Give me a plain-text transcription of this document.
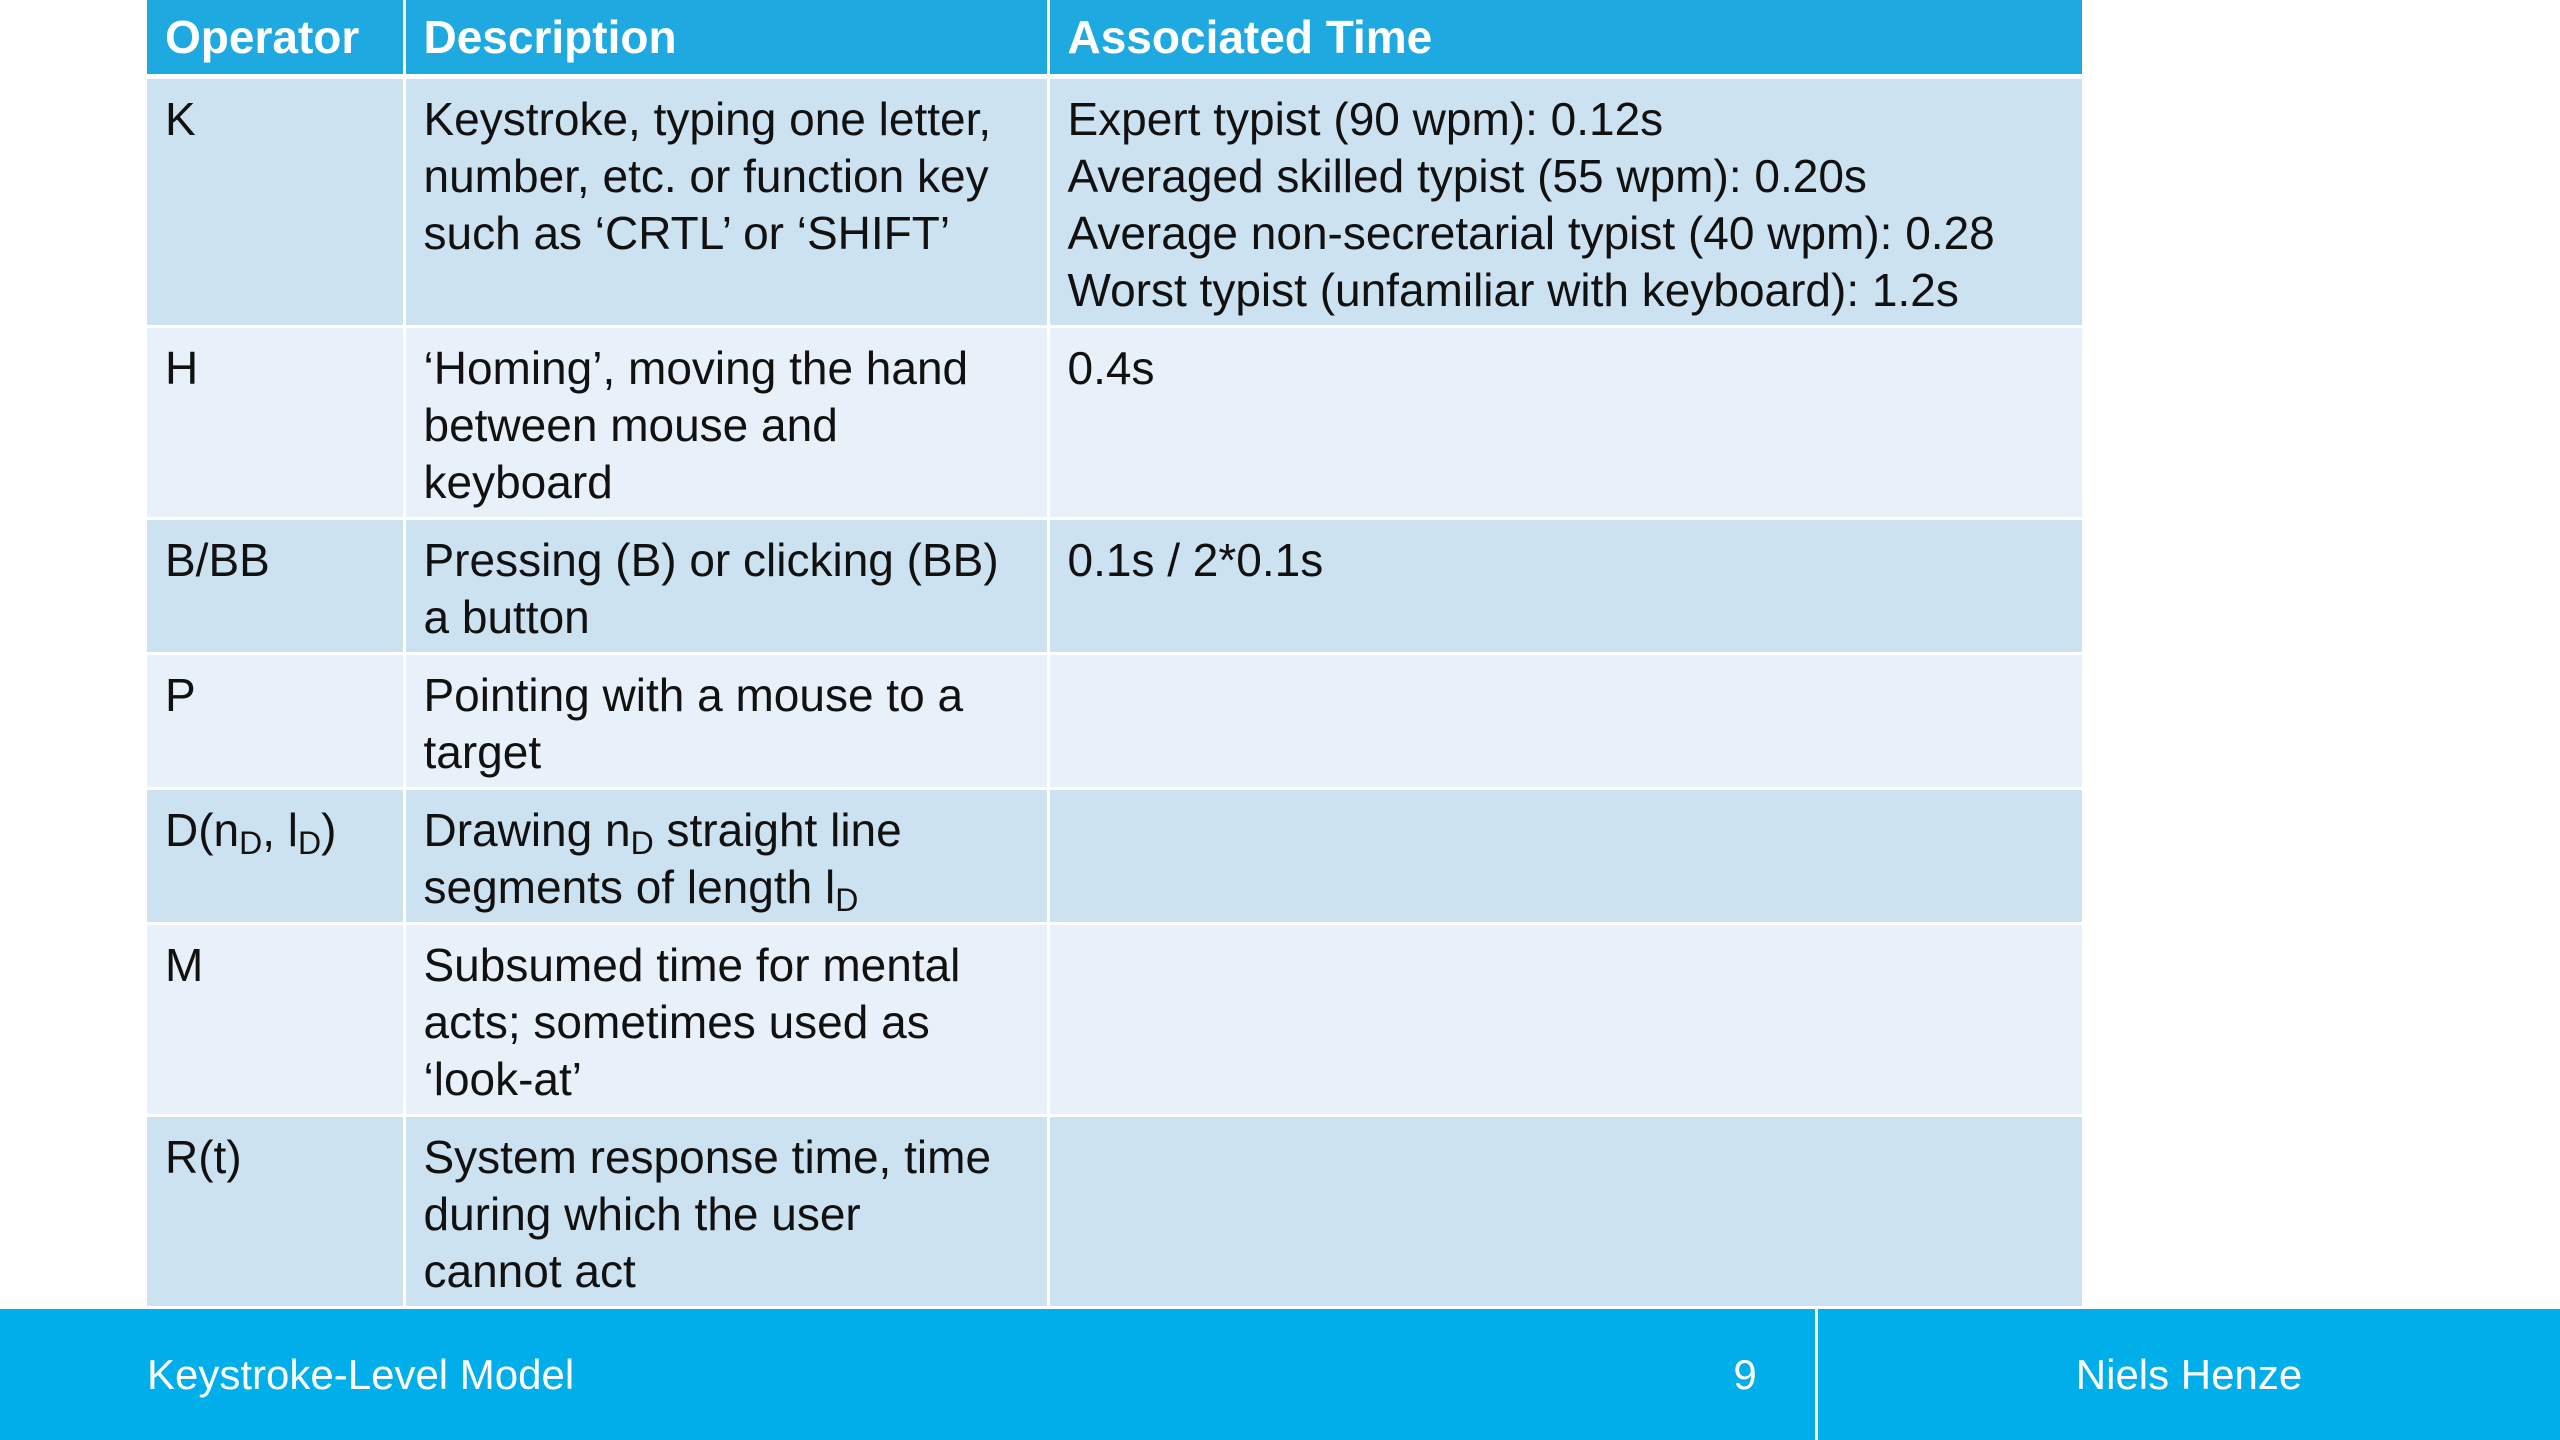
Operator	Description	Associated Time
K	Keystroke, typing one letter,
number, etc. or function key
such as ‘CRTL’ or ‘SHIFT’	Expert typist (90 wpm): 0.12s
Averaged skilled typist (55 wpm): 0.20s
Average non-secretarial typist (40 wpm): 0.28
Worst typist (unfamiliar with keyboard): 1.2s

H	‘Homing’, moving the hand
between mouse and
keyboard	0.4s

B/BB	Pressing (B) or clicking (BB)
a button	0.1s / 2*0.1s

P	Pointing with a mouse to a
target	

$D(n_D$, $l_D$)	Drawing $n_D$ straight line
segments of length $l_D$

M	Subsumed time for mental
acts; sometimes used as
‘look-at’	

R(t)	System response time, time
during which the user
cannot act	

Keystroke-Level Model	9	Niels Henze
